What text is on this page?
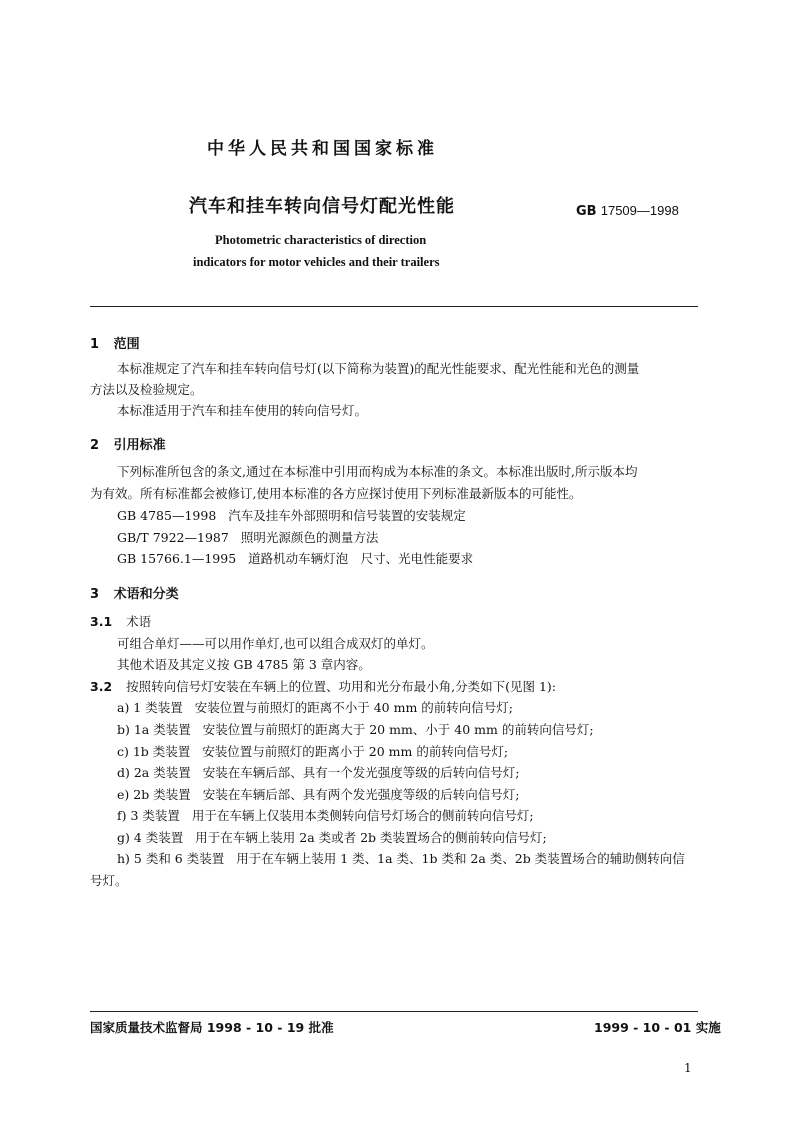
中华人民共和国国家标准
汽车和挂车转向信号灯配光性能	GB 17509—1998
Photometric characteristics of direction
indicators for motor vehicles and their trailers
1 范围
本标准规定了汽车和挂车转向信号灯(以下简称为装置)的配光性能要求、配光性能和光色的测量
方法以及检验规定。
本标准适用于汽车和挂车使用的转向信号灯。
2 引用标准
下列标准所包含的条文,通过在本标准中引用而构成为本标准的条文。本标准出版时,所示版本均
为有效。所有标准都会被修订,使用本标准的各方应探讨使用下列标准最新版本的可能性。
GB 4785—1998 汽车及挂车外部照明和信号装置的安装规定
GB/T 7922—1987 照明光源颜色的测量方法
GB 15766.1—1995 道路机动车辆灯泡　尺寸、光电性能要求
3 术语和分类
3.1 术语
可组合单灯——可以用作单灯,也可以组合成双灯的单灯。
其他术语及其定义按 GB 4785 第 3 章内容。
3.2 按照转向信号灯安装在车辆上的位置、功用和光分布最小角,分类如下(见图 1):
a) 1 类装置 安装位置与前照灯的距离不小于 40 mm 的前转向信号灯;
b) 1a 类装置 安装位置与前照灯的距离大于 20 mm、小于 40 mm 的前转向信号灯;
c) 1b 类装置 安装位置与前照灯的距离小于 20 mm 的前转向信号灯;
d) 2a 类装置 安装在车辆后部、具有一个发光强度等级的后转向信号灯;
e) 2b 类装置 安装在车辆后部、具有两个发光强度等级的后转向信号灯;
f) 3 类装置 用于在车辆上仅装用本类侧转向信号灯场合的侧前转向信号灯;
g) 4 类装置 用于在车辆上装用 2a 类或者 2b 类装置场合的侧前转向信号灯;
h) 5 类和 6 类装置 用于在车辆上装用 1 类、1a 类、1b 类和 2a 类、2b 类装置场合的辅助侧转向信
号灯。
国家质量技术监督局 1998 - 10 - 19 批准	1999 - 10 - 01 实施
1
